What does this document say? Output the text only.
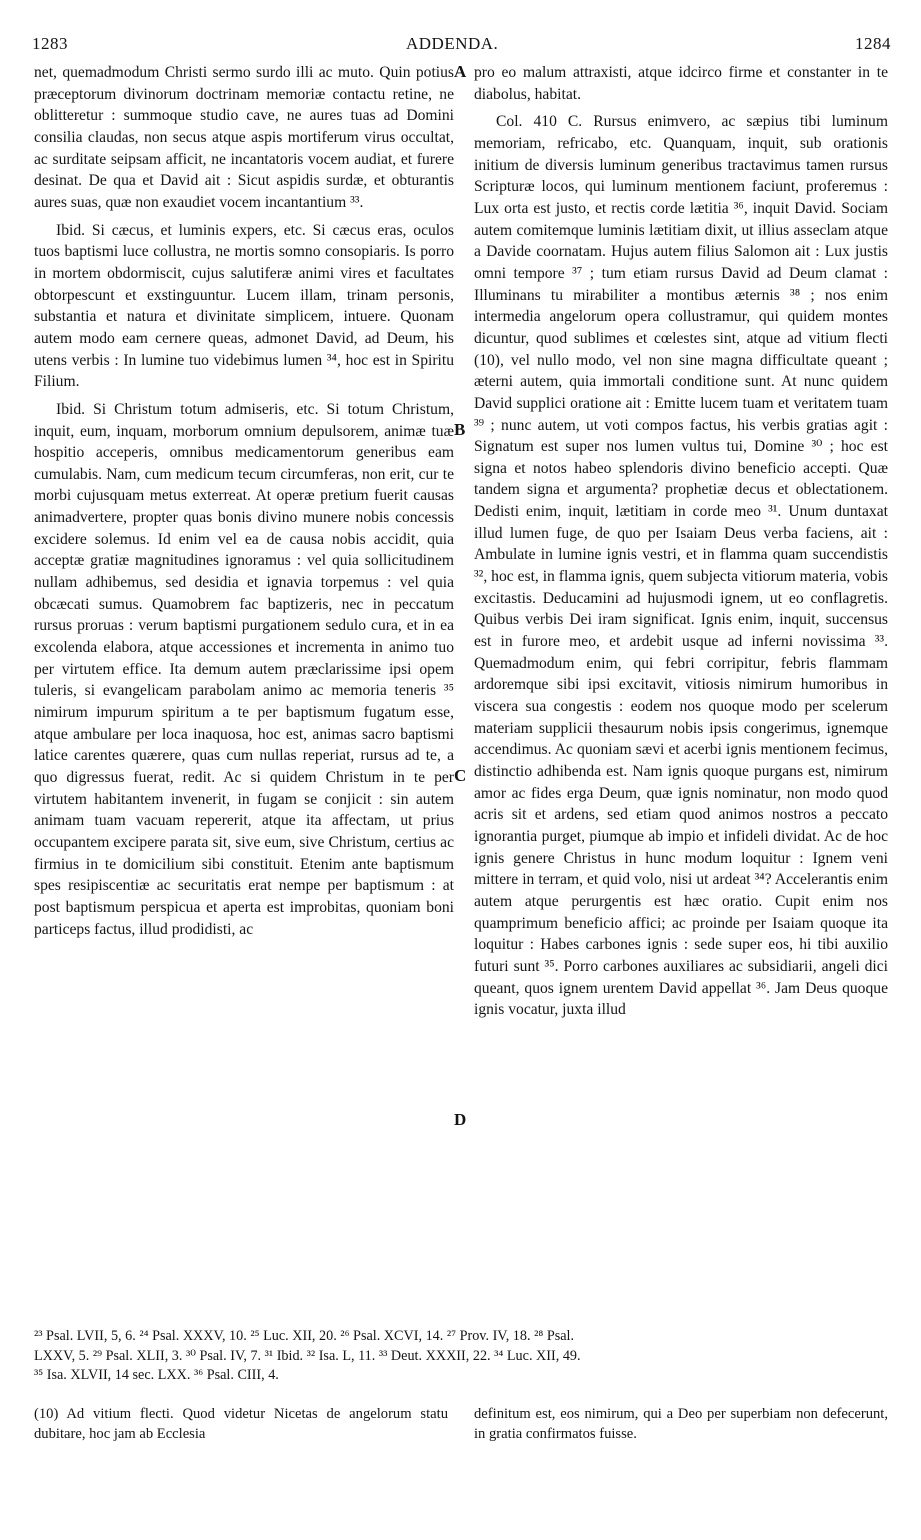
1283	ADDENDA.	1284

net, quemadmodum Christi sermo surdo illi ac muto. Quin potius præceptorum divinorum doctrinam memoriæ contactu retine, ne oblitteretur : summoque studio cave, ne aures tuas ad Domini consilia claudas, non secus atque aspis mortiferum virus occultat, ac surditate seipsam afficit, ne incantatoris vocem audiat, et furere desinat. De qua et David ait : Sicut aspidis surdæ, et obturantis aures suas, quæ non exaudiet vocem incantantium ³³.

Ibid. Si cæcus, et luminis expers, etc. Si cæcus eras, oculos tuos baptismi luce collustra, ne mortis somno consopiaris. Is porro in mortem obdormiscit, cujus salutiferæ animi vires et facultates obtorpescunt et exstinguuntur. Lucem illam, trinam personis, substantia et natura et divinitate simplicem, intuere. Quonam autem modo eam cernere queas, admonet David, ad Deum, his utens verbis : In lumine tuo videbimus lumen ³⁴, hoc est in Spiritu Filium.

Ibid. Si Christum totum admiseris, etc. Si totum Christum, inquit, eum, inquam, morborum omnium depulsorem, animæ tuæ hospitio acceperis, omnibus medicamentorum generibus eam cumulabis. Nam, cum medicum tecum circumferas, non erit, cur te morbi cujusquam metus exterreat. At operæ pretium fuerit causas animadvertere, propter quas bonis divino munere nobis concessis excidere solemus. Id enim vel ea de causa nobis accidit, quia acceptæ gratiæ magnitudines ignoramus : vel quia sollicitudinem nullam adhibemus, sed desidia et ignavia torpemus : vel quia obcæcati sumus. Quamobrem fac baptizeris, nec in peccatum rursus proruas : verum baptismi purgationem sedulo cura, et in ea excolenda elabora, atque accessiones et incrementa in animo tuo per virtutem effice. Ita demum autem præclarissime ipsi opem tuleris, si evangelicam parabolam animo ac memoria teneris ³⁵ nimirum impurum spiritum a te per baptismum fugatum esse, atque ambulare per loca inaquosa, hoc est, animas sacro baptismi latice carentes quærere, quas cum nullas reperiat, rursus ad te, a quo digressus fuerat, redit. Ac si quidem Christum in te per virtutem habitantem invenerit, in fugam se conjicit : sin autem animam tuam vacuam repererit, atque ita affectam, ut prius occupantem excipere parata sit, sive eum, sive Christum, certius ac firmius in te domicilium sibi constituit. Etenim ante baptismum spes resipiscentiæ ac securitatis erat nempe per baptismum : at post baptismum perspicua et aperta est improbitas, quoniam boni particeps factus, illud prodidisti, ac

A
B
C
D

pro eo malum attraxisti, atque idcirco firme et constanter in te diabolus, habitat.

Col. 410 C. Rursus enimvero, ac sæpius tibi luminum memoriam, refricabo, etc. Quanquam, inquit, sub orationis initium de diversis luminum generibus tractavimus tamen rursus Scripturæ locos, qui luminum mentionem faciunt, proferemus : Lux orta est justo, et rectis corde lætitia ³⁶, inquit David. Sociam autem comitemque luminis lætitiam dixit, ut illius asseclam atque a Davide coornatam. Hujus autem filius Salomon ait : Lux justis omni tempore ³⁷ ; tum etiam rursus David ad Deum clamat : Illuminans tu mirabiliter a montibus æternis ³⁸ ; nos enim intermedia angelorum opera collustramur, qui quidem montes dicuntur, quod sublimes et cœlestes sint, atque ad vitium flecti (10), vel nullo modo, vel non sine magna difficultate queant ; æterni autem, quia immortali conditione sunt. At nunc quidem David supplici oratione ait : Emitte lucem tuam et veritatem tuam ³⁹ ; nunc autem, ut voti compos factus, his verbis gratias agit : Signatum est super nos lumen vultus tui, Domine ³⁰ ; hoc est signa et notos habeo splendoris divino beneficio accepti. Quæ tandem signa et argumenta? prophetiæ decus et oblectationem. Dedisti enim, inquit, lætitiam in corde meo ³¹. Unum duntaxat illud lumen fuge, de quo per Isaiam Deus verba faciens, ait : Ambulate in lumine ignis vestri, et in flamma quam succendistis ³², hoc est, in flamma ignis, quem subjecta vitiorum materia, vobis excitastis. Deducamini ad hujusmodi ignem, ut eo conflagretis. Quibus verbis Dei iram significat. Ignis enim, inquit, succensus est in furore meo, et ardebit usque ad inferni novissima ³³. Quemadmodum enim, qui febri corripitur, febris flammam ardoremque sibi ipsi excitavit, vitiosis nimirum humoribus in viscera sua congestis : eodem nos quoque modo per scelerum materiam supplicii thesaurum nobis ipsis congerimus, ignemque accendimus. Ac quoniam sævi et acerbi ignis mentionem fecimus, distinctio adhibenda est. Nam ignis quoque purgans est, nimirum amor ac fides erga Deum, quæ ignis nominatur, non modo quod acris sit et ardens, sed etiam quod animos nostros a peccato ignorantia purget, piumque ab impio et infideli dividat. Ac de hoc ignis genere Christus in hunc modum loquitur : Ignem veni mittere in terram, et quid volo, nisi ut ardeat ³⁴? Accelerantis enim autem atque perurgentis est hæc oratio. Cupit enim nos quamprimum beneficio affici; ac proinde per Isaiam quoque ita loquitur : Habes carbones ignis : sede super eos, hi tibi auxilio futuri sunt ³⁵. Porro carbones auxiliares ac subsidiarii, angeli dici queant, quos ignem urentem David appellat ³⁶. Jam Deus quoque ignis vocatur, juxta illud

²³ Psal. LVII, 5, 6. ²⁴ Psal. XXXV, 10. ²⁵ Luc. XII, 20. ²⁶ Psal. XCVI, 14. ²⁷ Prov. IV, 18. ²⁸ Psal.

LXXV, 5. ²⁹ Psal. XLII, 3. ³⁰ Psal. IV, 7. ³¹ Ibid. ³² Isa. L, 11. ³³ Deut. XXXII, 22. ³⁴ Luc. XII, 49.

³⁵ Isa. XLVII, 14 sec. LXX. ³⁶ Psal. CIII, 4.

(10) Ad vitium flecti. Quod videtur Nicetas de angelorum statu dubitare, hoc jam ab Ecclesia

definitum est, eos nimirum, qui a Deo per superbiam non defecerunt, in gratia confirmatos fuisse.
